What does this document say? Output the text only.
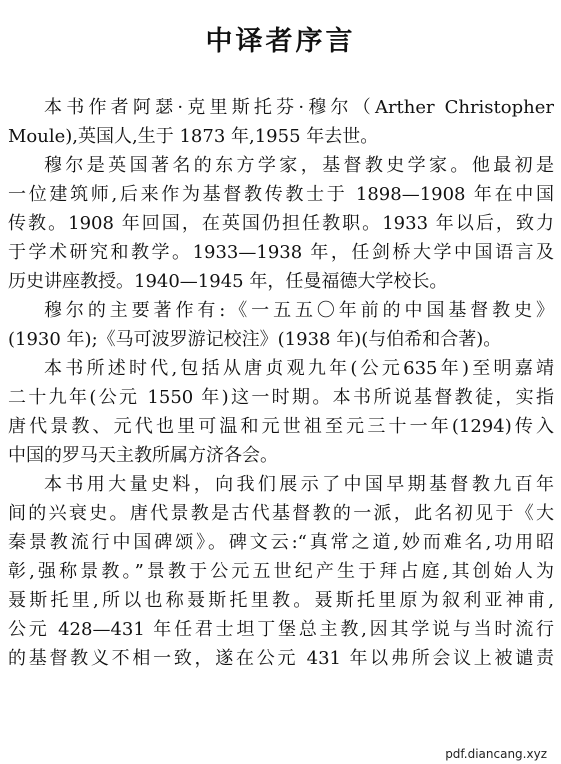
中译者序言
本书作者阿瑟·克里斯托芬·穆尔（Arther Christopher
Moule),英国人,生于 1873 年,1955 年去世。
穆尔是英国著名的东方学家，基督教史学家。他最初是
一位建筑师,后来作为基督教传教士于 1898—1908 年在中国
传教。1908 年回国，在英国仍担任教职。1933 年以后，致力
于学术研究和教学。1933—1938 年，任剑桥大学中国语言及
历史讲座教授。1940—1945 年，任曼福德大学校长。
穆尔的主要著作有:《一五五〇年前的中国基督教史》
(1930 年);《马可波罗游记校注》(1938 年)(与伯希和合著)。
本书所述时代,包括从唐贞观九年(公元635年)至明嘉靖
二十九年(公元 1550 年)这一时期。本书所说基督教徒，实指
唐代景教、元代也里可温和元世祖至元三十一年(1294)传入
中国的罗马天主教所属方济各会。
本书用大量史料，向我们展示了中国早期基督教九百年
间的兴衰史。唐代景教是古代基督教的一派，此名初见于《大
秦景教流行中国碑颂》。碑文云:“真常之道,妙而难名,功用昭
彰,强称景教。”景教于公元五世纪产生于拜占庭,其创始人为
聂斯托里,所以也称聂斯托里教。聂斯托里原为叙利亚神甫,
公元 428—431 年任君士坦丁堡总主教,因其学说与当时流行
的基督教义不相一致，遂在公元 431 年以弗所会议上被谴责
pdf.diancang.xyz
